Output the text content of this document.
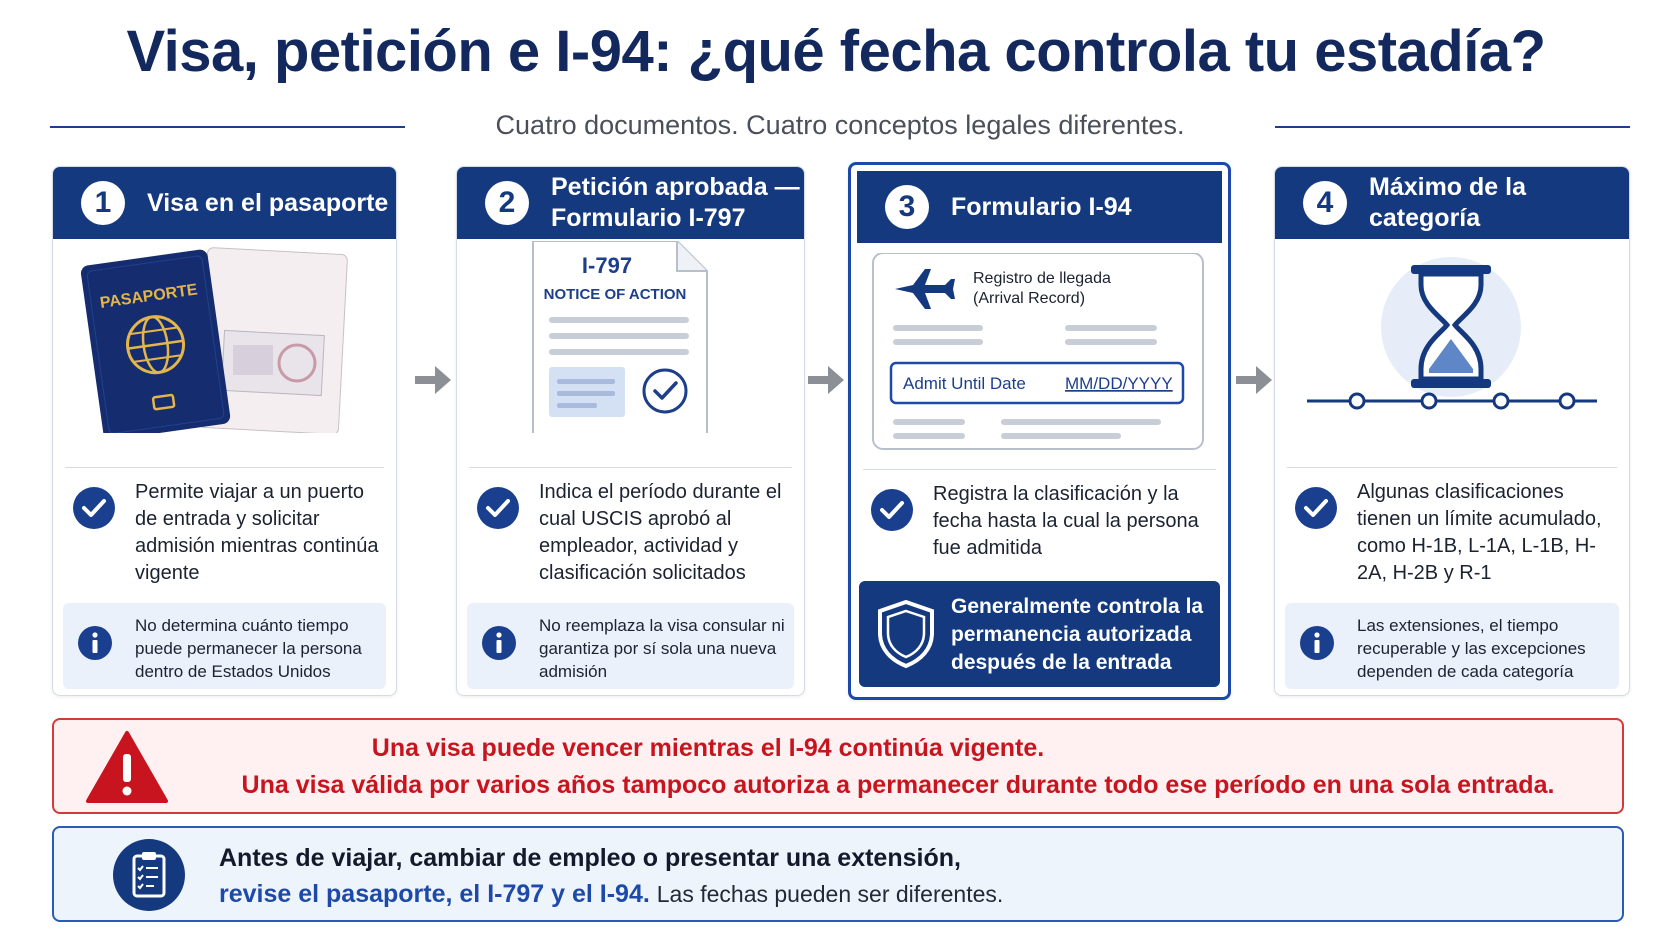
Visa, petición e I-94: ¿qué fecha controla tu estadía?
Cuatro documentos. Cuatro conceptos legales diferentes.
1	Visa en el pasaporte
PASAPORTE
Permite viajar a un puerto de entrada y solicitar admisión mientras continúa vigente
No determina cuánto tiempo puede permanecer la persona dentro de Estados Unidos
2	Petición aprobada —
Formulario I-797
I-797
NOTICE OF ACTION
Indica el período durante el cual USCIS aprobó al empleador, actividad y clasificación solicitados
No reemplaza la visa consular ni garantiza por sí sola una nueva admisión
3	Formulario I-94
Registro de llegada
(Arrival Record)
Admit Until Date MM/DD/YYYY
Registra la clasificación y la fecha hasta la cual la persona fue admitida
Generalmente controla la permanencia autorizada después de la entrada
4	Máximo de la categoría
Algunas clasificaciones tienen un límite acumulado, como H-1B, L-1A, L-1B, H-2A, H-2B y R-1
Las extensiones, el tiempo recuperable y las excepciones dependen de cada categoría
Una visa puede vencer mientras el I-94 continúa vigente.
Una visa válida por varios años tampoco autoriza a permanecer durante todo ese período en una sola entrada.
Antes de viajar, cambiar de empleo o presentar una extensión,
revise el pasaporte, el I-797 y el I-94. Las fechas pueden ser diferentes.
